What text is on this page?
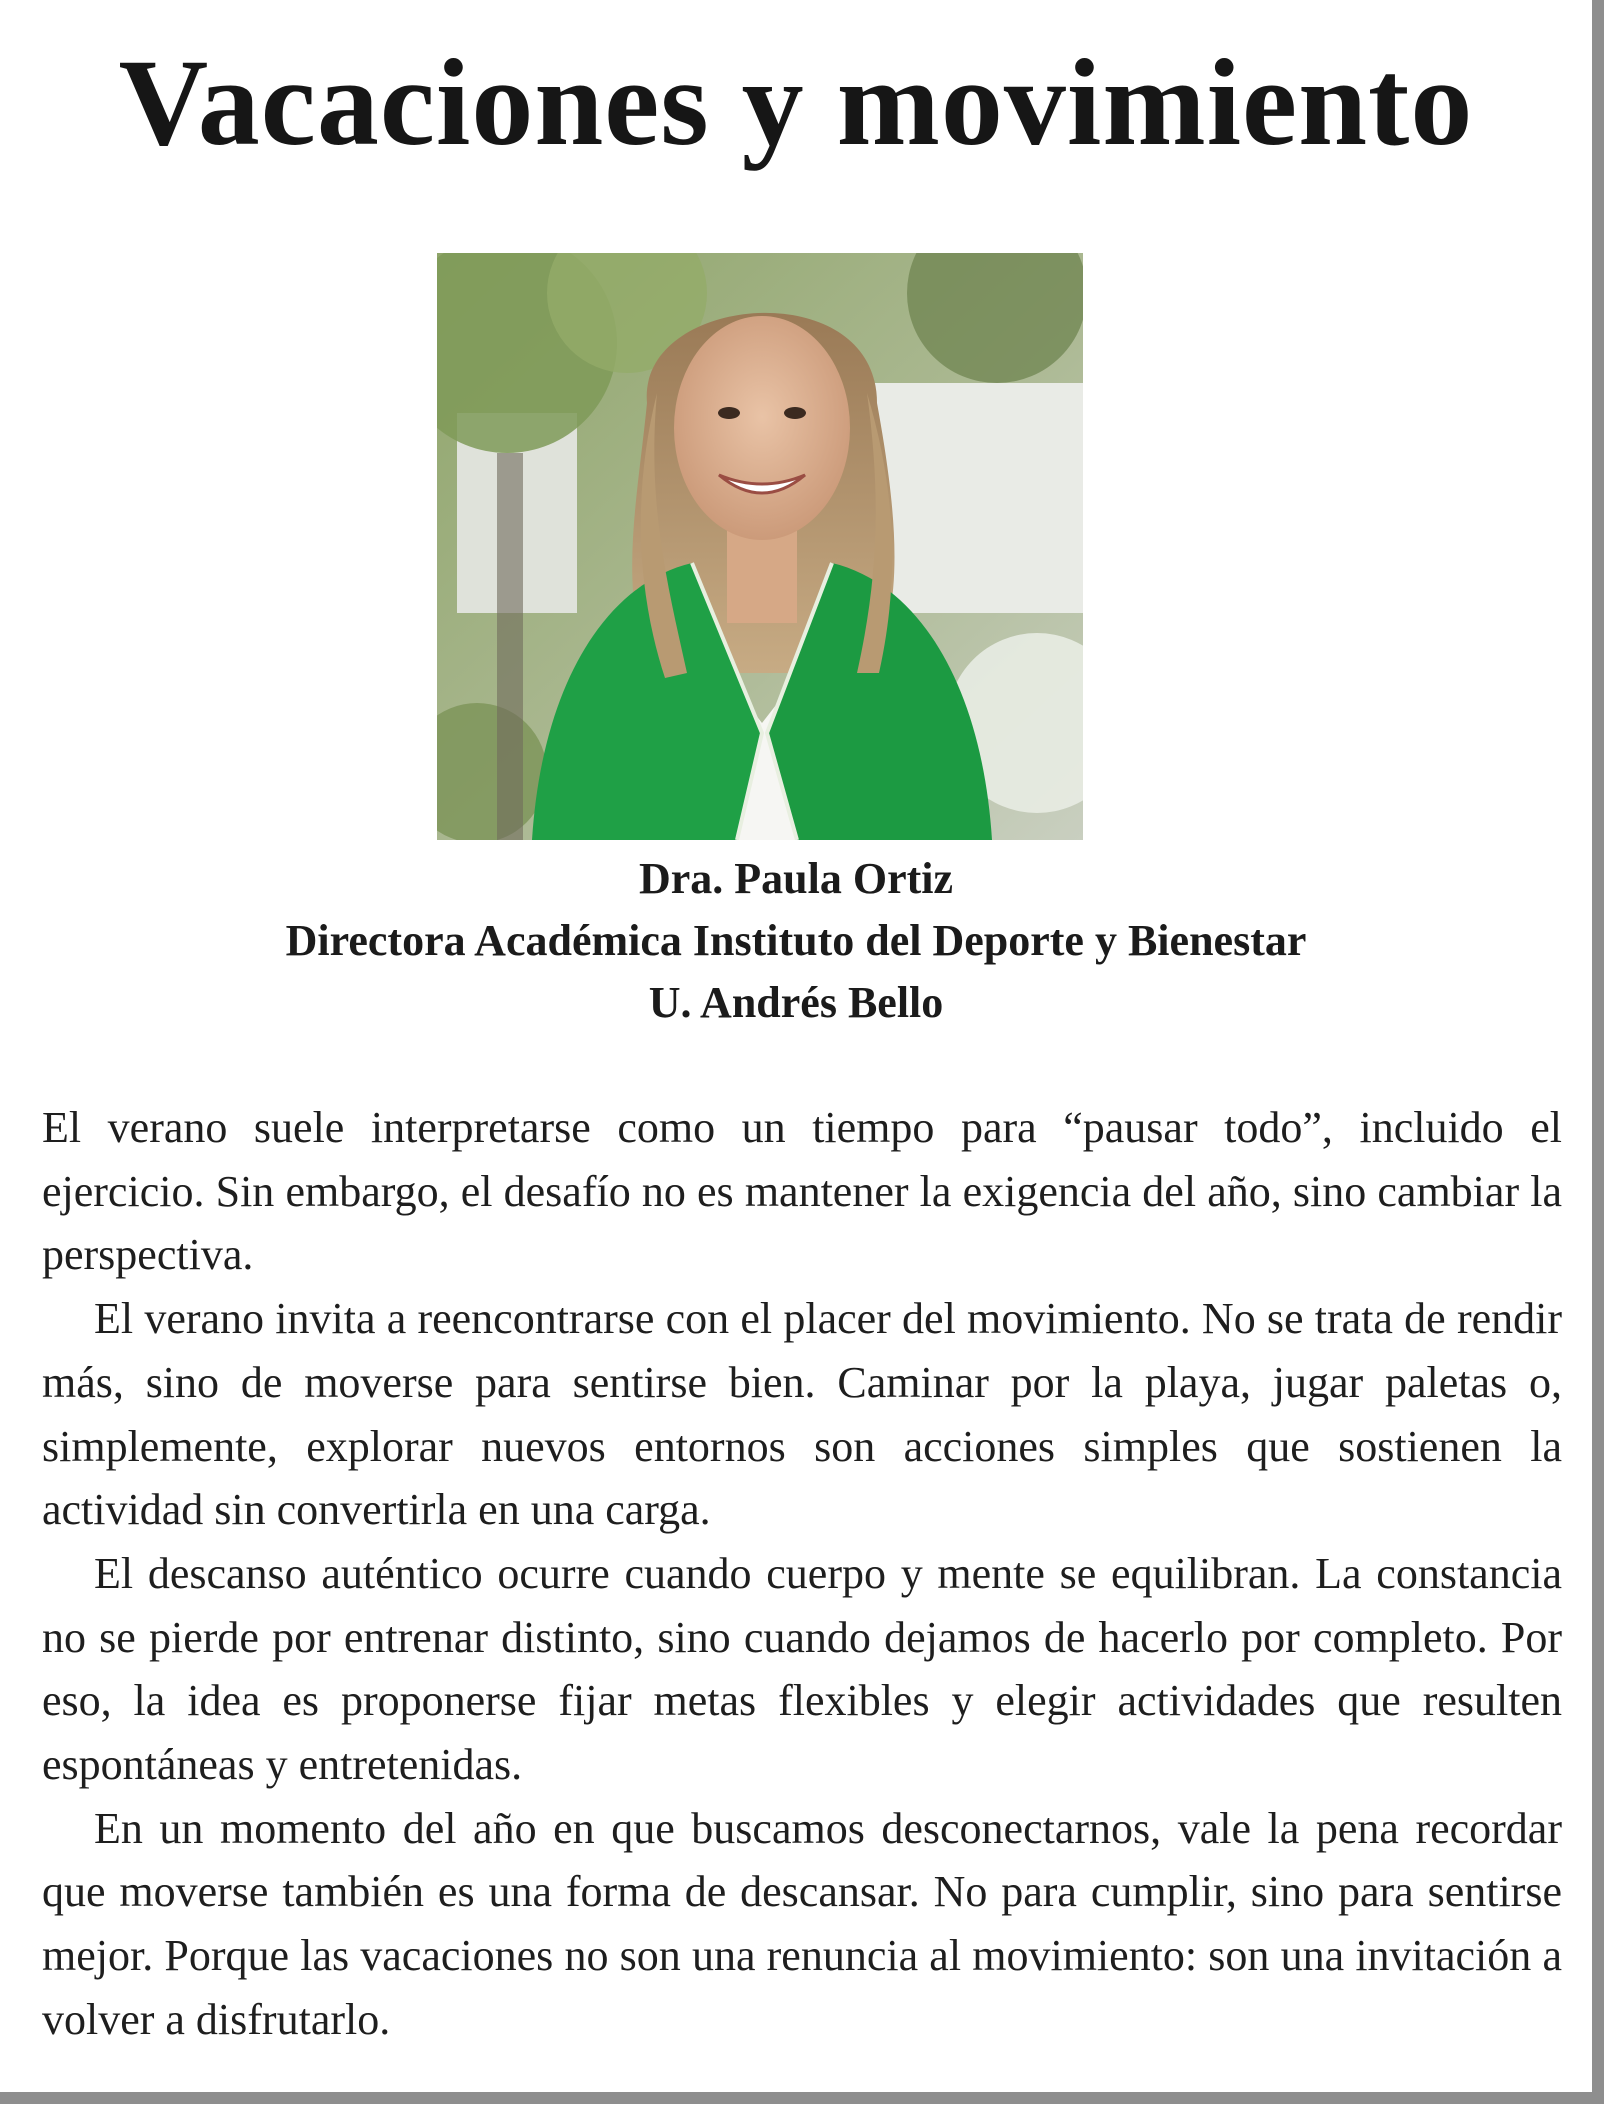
Vacaciones y movimiento
Dra. Paula Ortiz
Directora Académica Instituto del Deporte y Bienestar
U. Andrés Bello

El verano suele interpretarse como un tiempo para “pausar todo”, incluido el ejercicio. Sin embargo, el desafío no es mantener la exigencia del año, sino cambiar la perspectiva.

El verano invita a reencontrarse con el placer del movimiento. No se trata de rendir más, sino de moverse para sentirse bien. Caminar por la playa, jugar paletas o, simplemente, explorar nuevos entornos son acciones simples que sostienen la actividad sin convertirla en una carga.

El descanso auténtico ocurre cuando cuerpo y mente se equilibran. La constancia no se pierde por entrenar distinto, sino cuando dejamos de hacerlo por completo. Por eso, la idea es proponerse fijar metas flexibles y elegir actividades que resulten espontáneas y entretenidas.

En un momento del año en que buscamos desconectarnos, vale la pena recordar que moverse también es una forma de descansar. No para cumplir, sino para sentirse mejor. Porque las vacaciones no son una renuncia al movimiento: son una invitación a volver a disfrutarlo.
